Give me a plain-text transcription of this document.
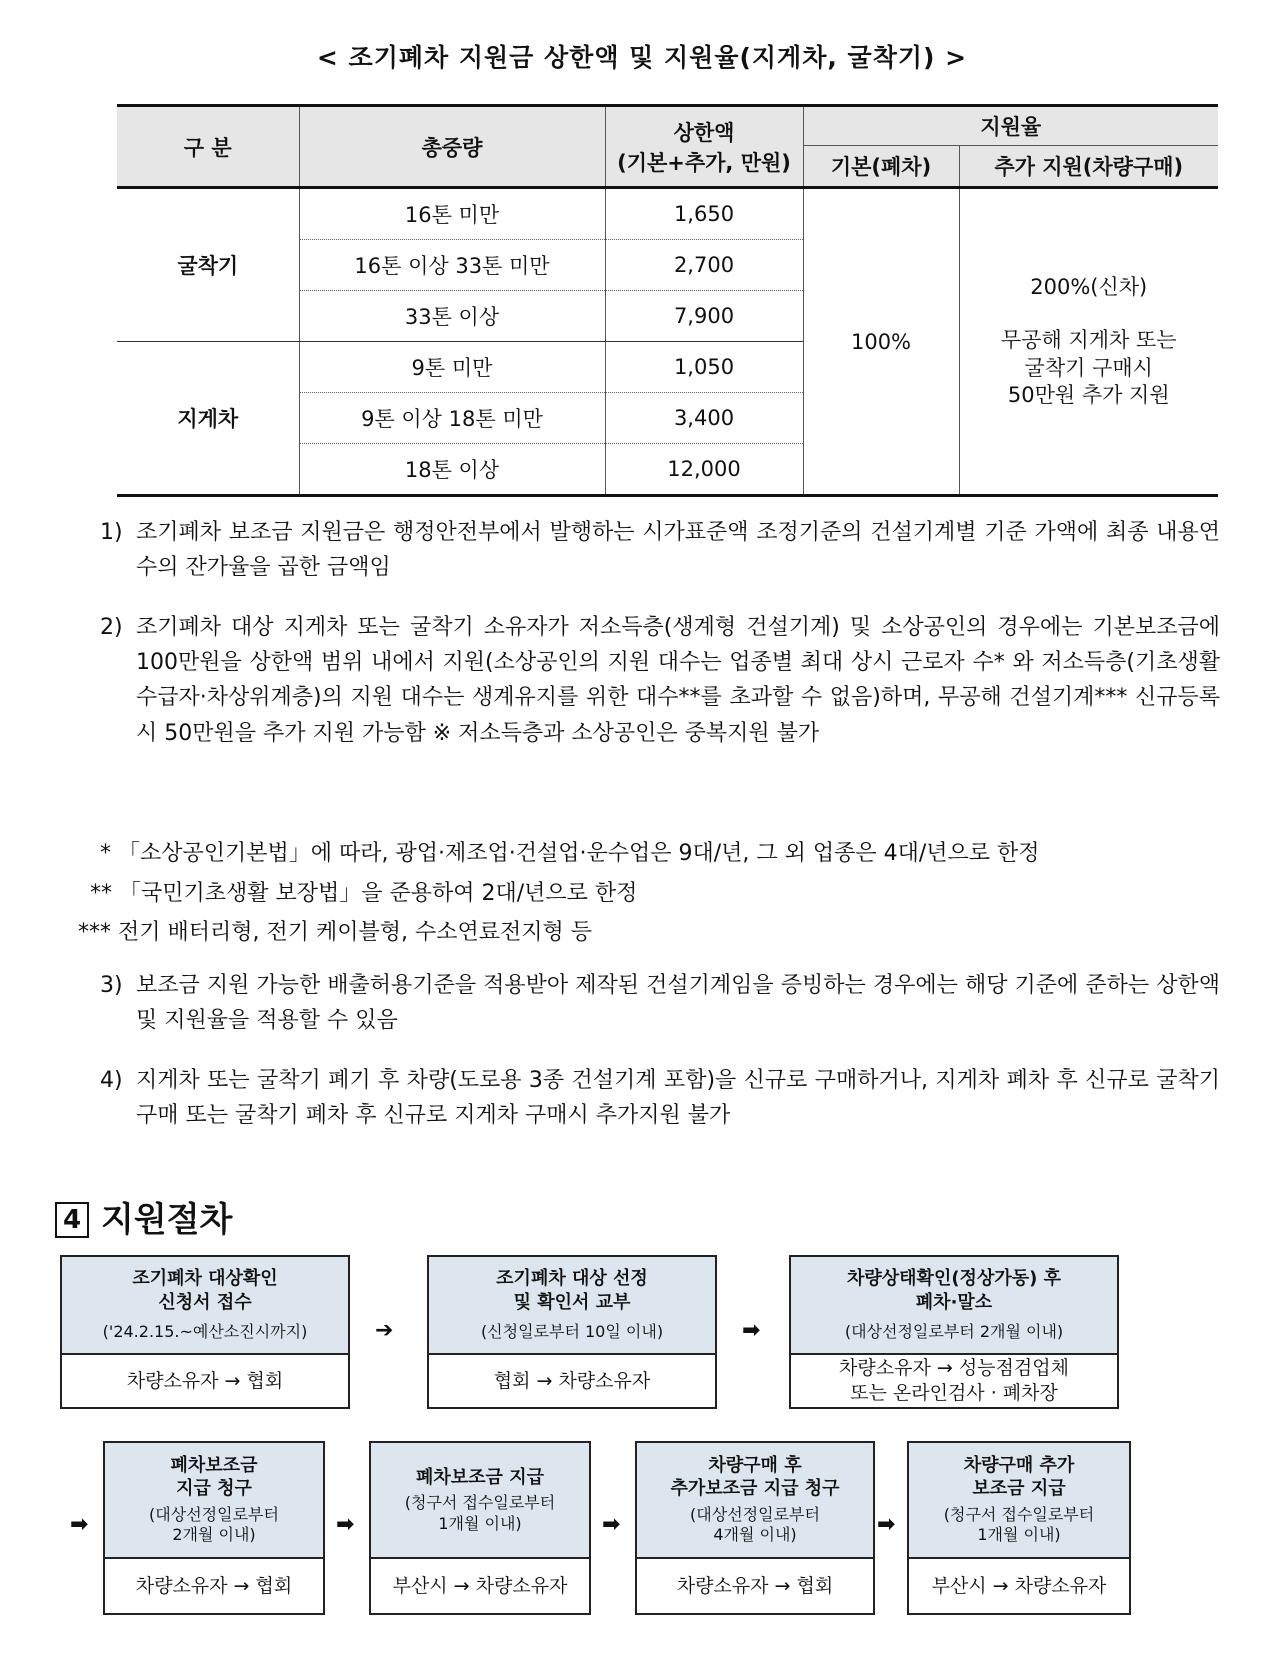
< 조기폐차 지원금 상한액 및 지원율(지게차, 굴착기) >
구 분	총중량	상한액
(기본+추가, 만원)	지원율	
			기본(폐차)	추가 지원(차량구매)
굴착기	16톤 미만	1,650	100%	200%(신차)
무공해 지게차 또는
굴착기 구매시
50만원 추가 지원

	16톤 이상 33톤 미만	2,700		
	33톤 이상	7,900		
지게차	9톤 미만	1,050		
	9톤 이상 18톤 미만	3,400		
	18톤 이상	12,000		
1) 조기폐차 보조금 지원금은 행정안전부에서 발행하는 시가표준액 조정기준의 건설기계별 기준 가액에 최종 내용연수의 잔가율을 곱한 금액임
2) 조기폐차 대상 지게차 또는 굴착기 소유자가 저소득층(생계형 건설기계) 및 소상공인의 경우에는 기본보조금에 100만원을 상한액 범위 내에서 지원(소상공인의 지원 대수는 업종별 최대 상시 근로자 수* 와 저소득층(기초생활수급자·차상위계층)의 지원 대수는 생계유지를 위한 대수**를 초과할 수 없음)하며, 무공해 건설기계*** 신규등록시 50만원을 추가 지원 가능함 ※ 저소득층과 소상공인은 중복지원 불가
* 「소상공인기본법」에 따라, 광업·제조업·건설업·운수업은 9대/년, 그 외 업종은 4대/년으로 한정
** 「국민기초생활 보장법」을 준용하여 2대/년으로 한정
*** 전기 배터리형, 전기 케이블형, 수소연료전지형 등
3) 보조금 지원 가능한 배출허용기준을 적용받아 제작된 건설기계임을 증빙하는 경우에는 해당 기준에 준하는 상한액 및 지원율을 적용할 수 있음
4) 지게차 또는 굴착기 폐기 후 차량(도로용 3종 건설기계 포함)을 신규로 구매하거나, 지게차 폐차 후 신규로 굴착기 구매 또는 굴착기 폐차 후 신규로 지게차 구매시 추가지원 불가
4 지원절차
조기폐차 대상확인
신청서 접수
('24.2.15.~예산소진시까지)
차량소유자 → 협회
➔
조기폐차 대상 선정
및 확인서 교부
(신청일로부터 10일 이내)
협회 → 차량소유자
➡
차량상태확인(정상가동) 후
폐차·말소
(대상선정일로부터 2개월 이내)
차량소유자 → 성능점검업체
또는 온라인검사 · 폐차장
➡
폐차보조금
지급 청구
(대상선정일로부터
2개월 이내)
차량소유자 → 협회
➡
폐차보조금 지급
(청구서 접수일로부터
1개월 이내)
부산시 → 차량소유자
➡
차량구매 후
추가보조금 지급 청구
(대상선정일로부터
4개월 이내)
차량소유자 → 협회
➡
차량구매 추가
보조금 지급
(청구서 접수일로부터
1개월 이내)
부산시 → 차량소유자
